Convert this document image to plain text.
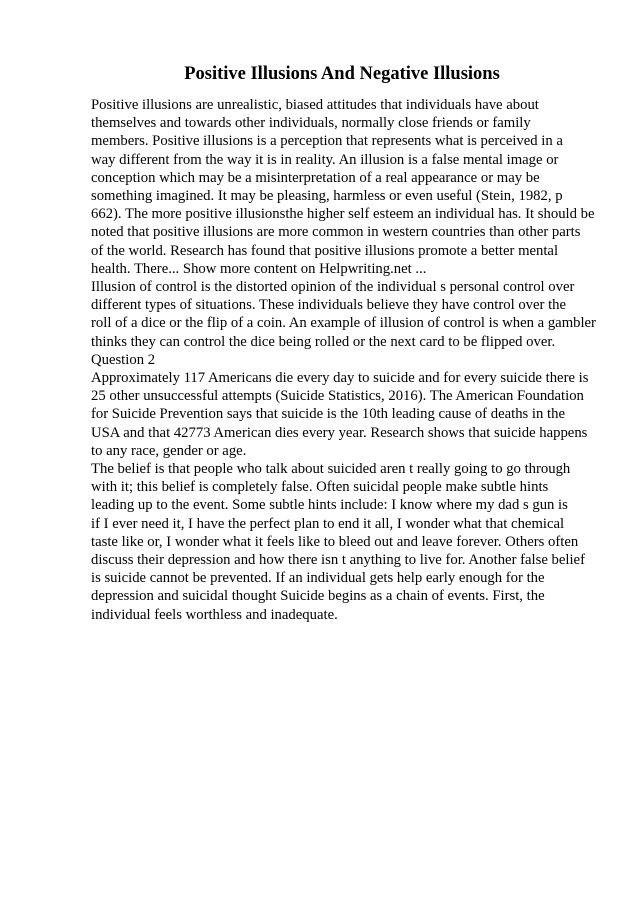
Positive Illusions And Negative Illusions
Positive illusions are unrealistic, biased attitudes that individuals have about
themselves and towards other individuals, normally close friends or family
members. Positive illusions is a perception that represents what is perceived in a
way different from the way it is in reality. An illusion is a false mental image or
conception which may be a misinterpretation of a real appearance or may be
something imagined. It may be pleasing, harmless or even useful (Stein, 1982, p
662). The more positive illusionsthe higher self esteem an individual has. It should be
noted that positive illusions are more common in western countries than other parts
of the world. Research has found that positive illusions promote a better mental
health. There... Show more content on Helpwriting.net ...
Illusion of control is the distorted opinion of the individual s personal control over
different types of situations. These individuals believe they have control over the
roll of a dice or the flip of a coin. An example of illusion of control is when a gambler
thinks they can control the dice being rolled or the next card to be flipped over.
Question 2
Approximately 117 Americans die every day to suicide and for every suicide there is
25 other unsuccessful attempts (Suicide Statistics, 2016). The American Foundation
for Suicide Prevention says that suicide is the 10th leading cause of deaths in the
USA and that 42773 American dies every year. Research shows that suicide happens
to any race, gender or age.
The belief is that people who talk about suicided aren t really going to go through
with it; this belief is completely false. Often suicidal people make subtle hints
leading up to the event. Some subtle hints include: I know where my dad s gun is
if I ever need it, I have the perfect plan to end it all, I wonder what that chemical
taste like or, I wonder what it feels like to bleed out and leave forever. Others often
discuss their depression and how there isn t anything to live for. Another false belief
is suicide cannot be prevented. If an individual gets help early enough for the
depression and suicidal thought Suicide begins as a chain of events. First, the
individual feels worthless and inadequate.
